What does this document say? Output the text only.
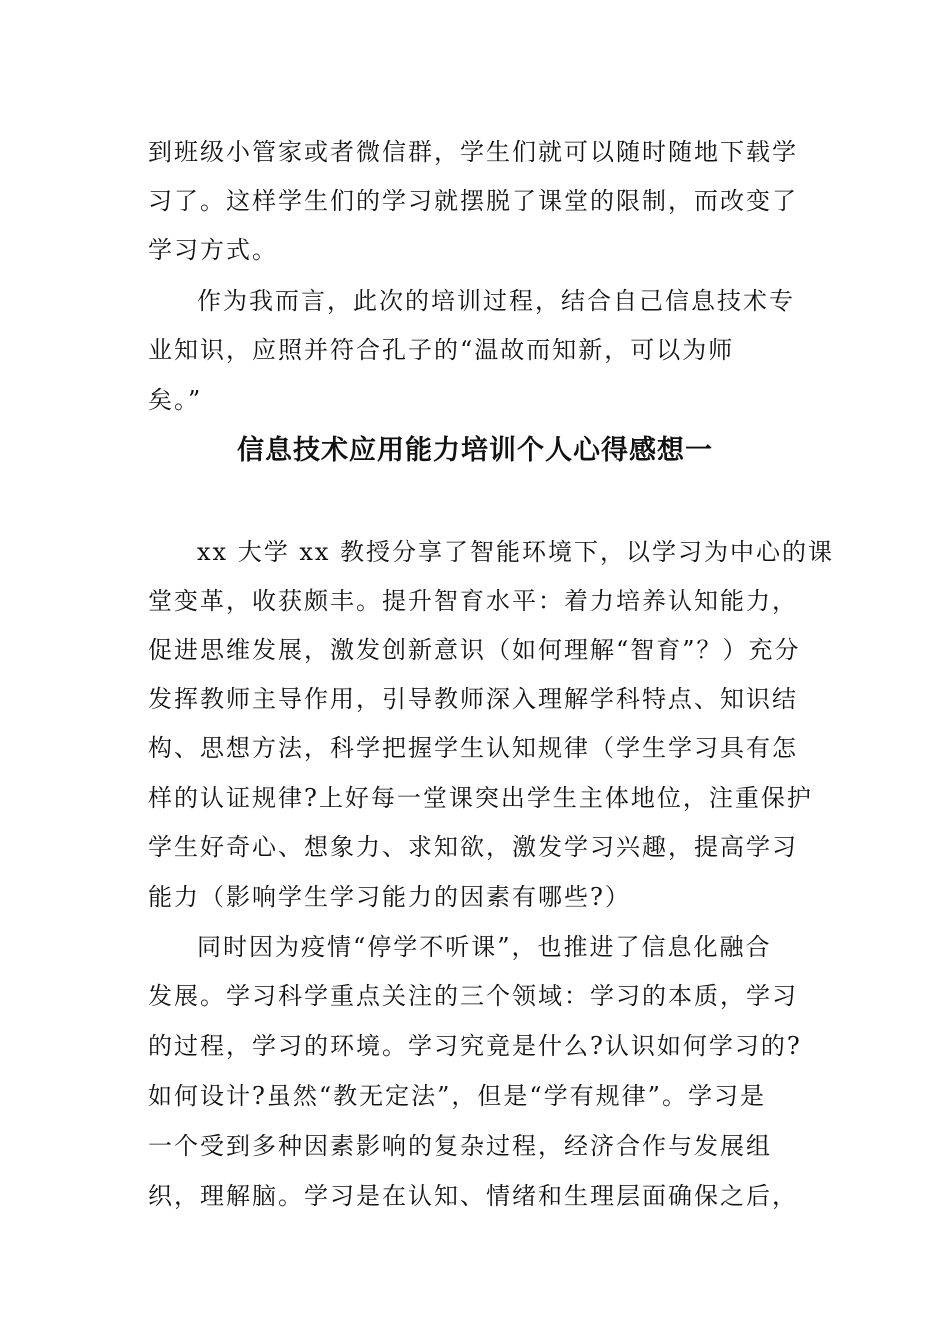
到班级小管家或者微信群，学生们就可以随时随地下载学
习了。这样学生们的学习就摆脱了课堂的限制，而改变了
学习方式。
作为我而言，此次的培训过程，结合自己信息技术专
业知识，应照并符合孔子的“温故而知新，可以为师
矣。”
信息技术应用能力培训个人心得感想一
xx 大学 xx 教授分享了智能环境下，以学习为中心的课
堂变革，收获颇丰。提升智育水平：着力培养认知能力，
促进思维发展，激发创新意识（如何理解“智育”？）充分
发挥教师主导作用，引导教师深入理解学科特点、知识结
构、思想方法，科学把握学生认知规律（学生学习具有怎
样的认证规律?上好每一堂课突出学生主体地位，注重保护
学生好奇心、想象力、求知欲，激发学习兴趣，提高学习
能力（影响学生学习能力的因素有哪些?）
同时因为疫情“停学不听课”，也推进了信息化融合
发展。学习科学重点关注的三个领域：学习的本质，学习
的过程，学习的环境。学习究竟是什么?认识如何学习的?
如何设计?虽然“教无定法”，但是“学有规律”。学习是
一个受到多种因素影响的复杂过程，经济合作与发展组
织，理解脑。学习是在认知、情绪和生理层面确保之后，
